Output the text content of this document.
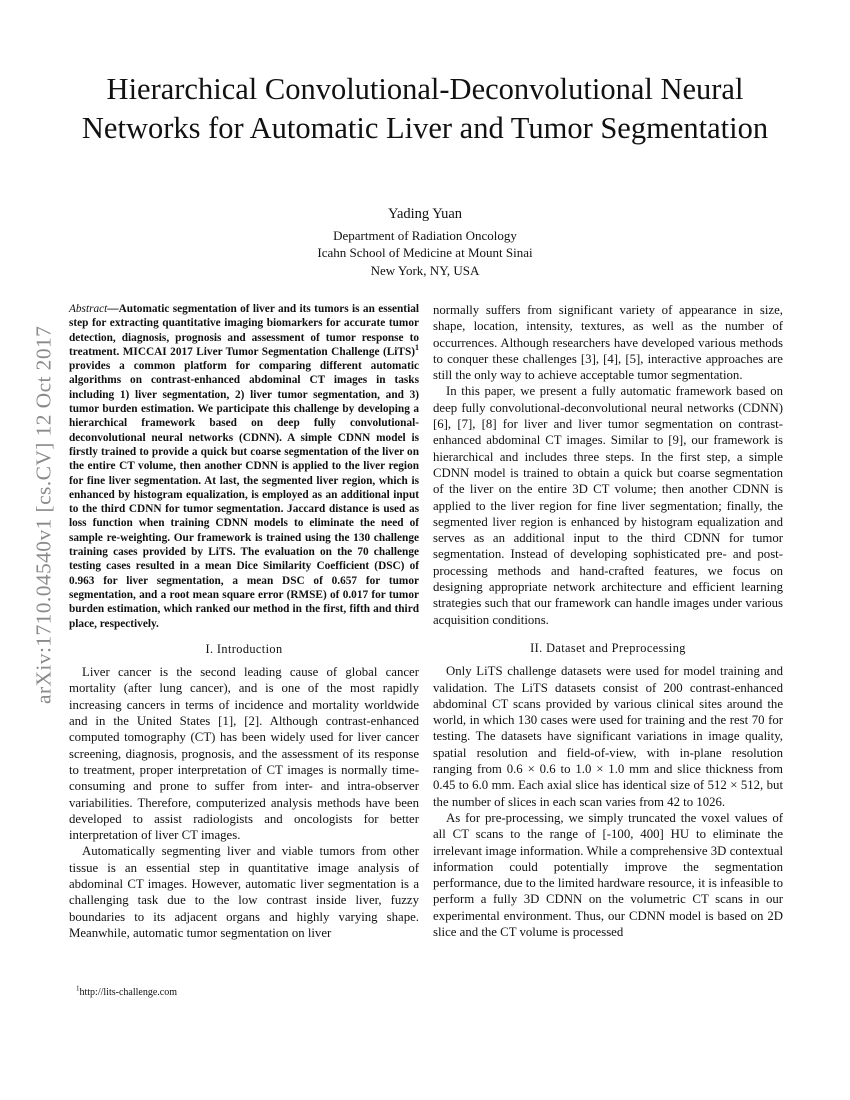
arXiv:1710.04540v1 [cs.CV] 12 Oct 2017
Hierarchical Convolutional-Deconvolutional Neural Networks for Automatic Liver and Tumor Segmentation
Yading Yuan
Department of Radiation Oncology
Icahn School of Medicine at Mount Sinai
New York, NY, USA

Abstract—Automatic segmentation of liver and its tumors is an essential step for extracting quantitative imaging biomarkers for accurate tumor detection, diagnosis, prognosis and assessment of tumor response to treatment. MICCAI 2017 Liver Tumor Segmentation Challenge (LiTS)$^1$ provides a common platform for comparing different automatic algorithms on contrast-enhanced abdominal CT images in tasks including 1) liver segmentation, 2) liver tumor segmentation, and 3) tumor burden estimation. We participate this challenge by developing a hierarchical framework based on deep fully convolutional-deconvolutional neural networks (CDNN). A simple CDNN model is firstly trained to provide a quick but coarse segmentation of the liver on the entire CT volume, then another CDNN is applied to the liver region for fine liver segmentation. At last, the segmented liver region, which is enhanced by histogram equalization, is employed as an additional input to the third CDNN for tumor segmentation. Jaccard distance is used as loss function when training CDNN models to eliminate the need of sample re-weighting. Our framework is trained using the 130 challenge training cases provided by LiTS. The evaluation on the 70 challenge testing cases resulted in a mean Dice Similarity Coefficient (DSC) of 0.963 for liver segmentation, a mean DSC of 0.657 for tumor segmentation, and a root mean square error (RMSE) of 0.017 for tumor burden estimation, which ranked our method in the first, fifth and third place, respectively.

I. Introduction

Liver cancer is the second leading cause of global cancer mortality (after lung cancer), and is one of the most rapidly increasing cancers in terms of incidence and mortality worldwide and in the United States [1], [2]. Although contrast-enhanced computed tomography (CT) has been widely used for liver cancer screening, diagnosis, prognosis, and the assessment of its response to treatment, proper interpretation of CT images is normally time-consuming and prone to suffer from inter- and intra-observer variabilities. Therefore, computerized analysis methods have been developed to assist radiologists and oncologists for better interpretation of liver CT images.

Automatically segmenting liver and viable tumors from other tissue is an essential step in quantitative image analysis of abdominal CT images. However, automatic liver segmentation is a challenging task due to the low contrast inside liver, fuzzy boundaries to its adjacent organs and highly varying shape. Meanwhile, automatic tumor segmentation on liver

normally suffers from significant variety of appearance in size, shape, location, intensity, textures, as well as the number of occurrences. Although researchers have developed various methods to conquer these challenges [3], [4], [5], interactive approaches are still the only way to achieve acceptable tumor segmentation.

In this paper, we present a fully automatic framework based on deep fully convolutional-deconvolutional neural networks (CDNN) [6], [7], [8] for liver and liver tumor segmentation on contrast-enhanced abdominal CT images. Similar to [9], our framework is hierarchical and includes three steps. In the first step, a simple CDNN model is trained to obtain a quick but coarse segmentation of the liver on the entire 3D CT volume; then another CDNN is applied to the liver region for fine liver segmentation; finally, the segmented liver region is enhanced by histogram equalization and serves as an additional input to the third CDNN for tumor segmentation. Instead of developing sophisticated pre- and post-processing methods and hand-crafted features, we focus on designing appropriate network architecture and efficient learning strategies such that our framework can handle images under various acquisition conditions.

II. Dataset and Preprocessing

Only LiTS challenge datasets were used for model training and validation. The LiTS datasets consist of 200 contrast-enhanced abdominal CT scans provided by various clinical sites around the world, in which 130 cases were used for training and the rest 70 for testing. The datasets have significant variations in image quality, spatial resolution and field-of-view, with in-plane resolution ranging from 0.6 × 0.6 to 1.0 × 1.0 mm and slice thickness from 0.45 to 6.0 mm. Each axial slice has identical size of 512 × 512, but the number of slices in each scan varies from 42 to 1026.

As for pre-processing, we simply truncated the voxel values of all CT scans to the range of [-100, 400] HU to eliminate the irrelevant image information. While a comprehensive 3D contextual information could potentially improve the segmentation performance, due to the limited hardware resource, it is infeasible to perform a fully 3D CDNN on the volumetric CT scans in our experimental environment. Thus, our CDNN model is based on 2D slice and the CT volume is processed

$^1$http://lits-challenge.com
